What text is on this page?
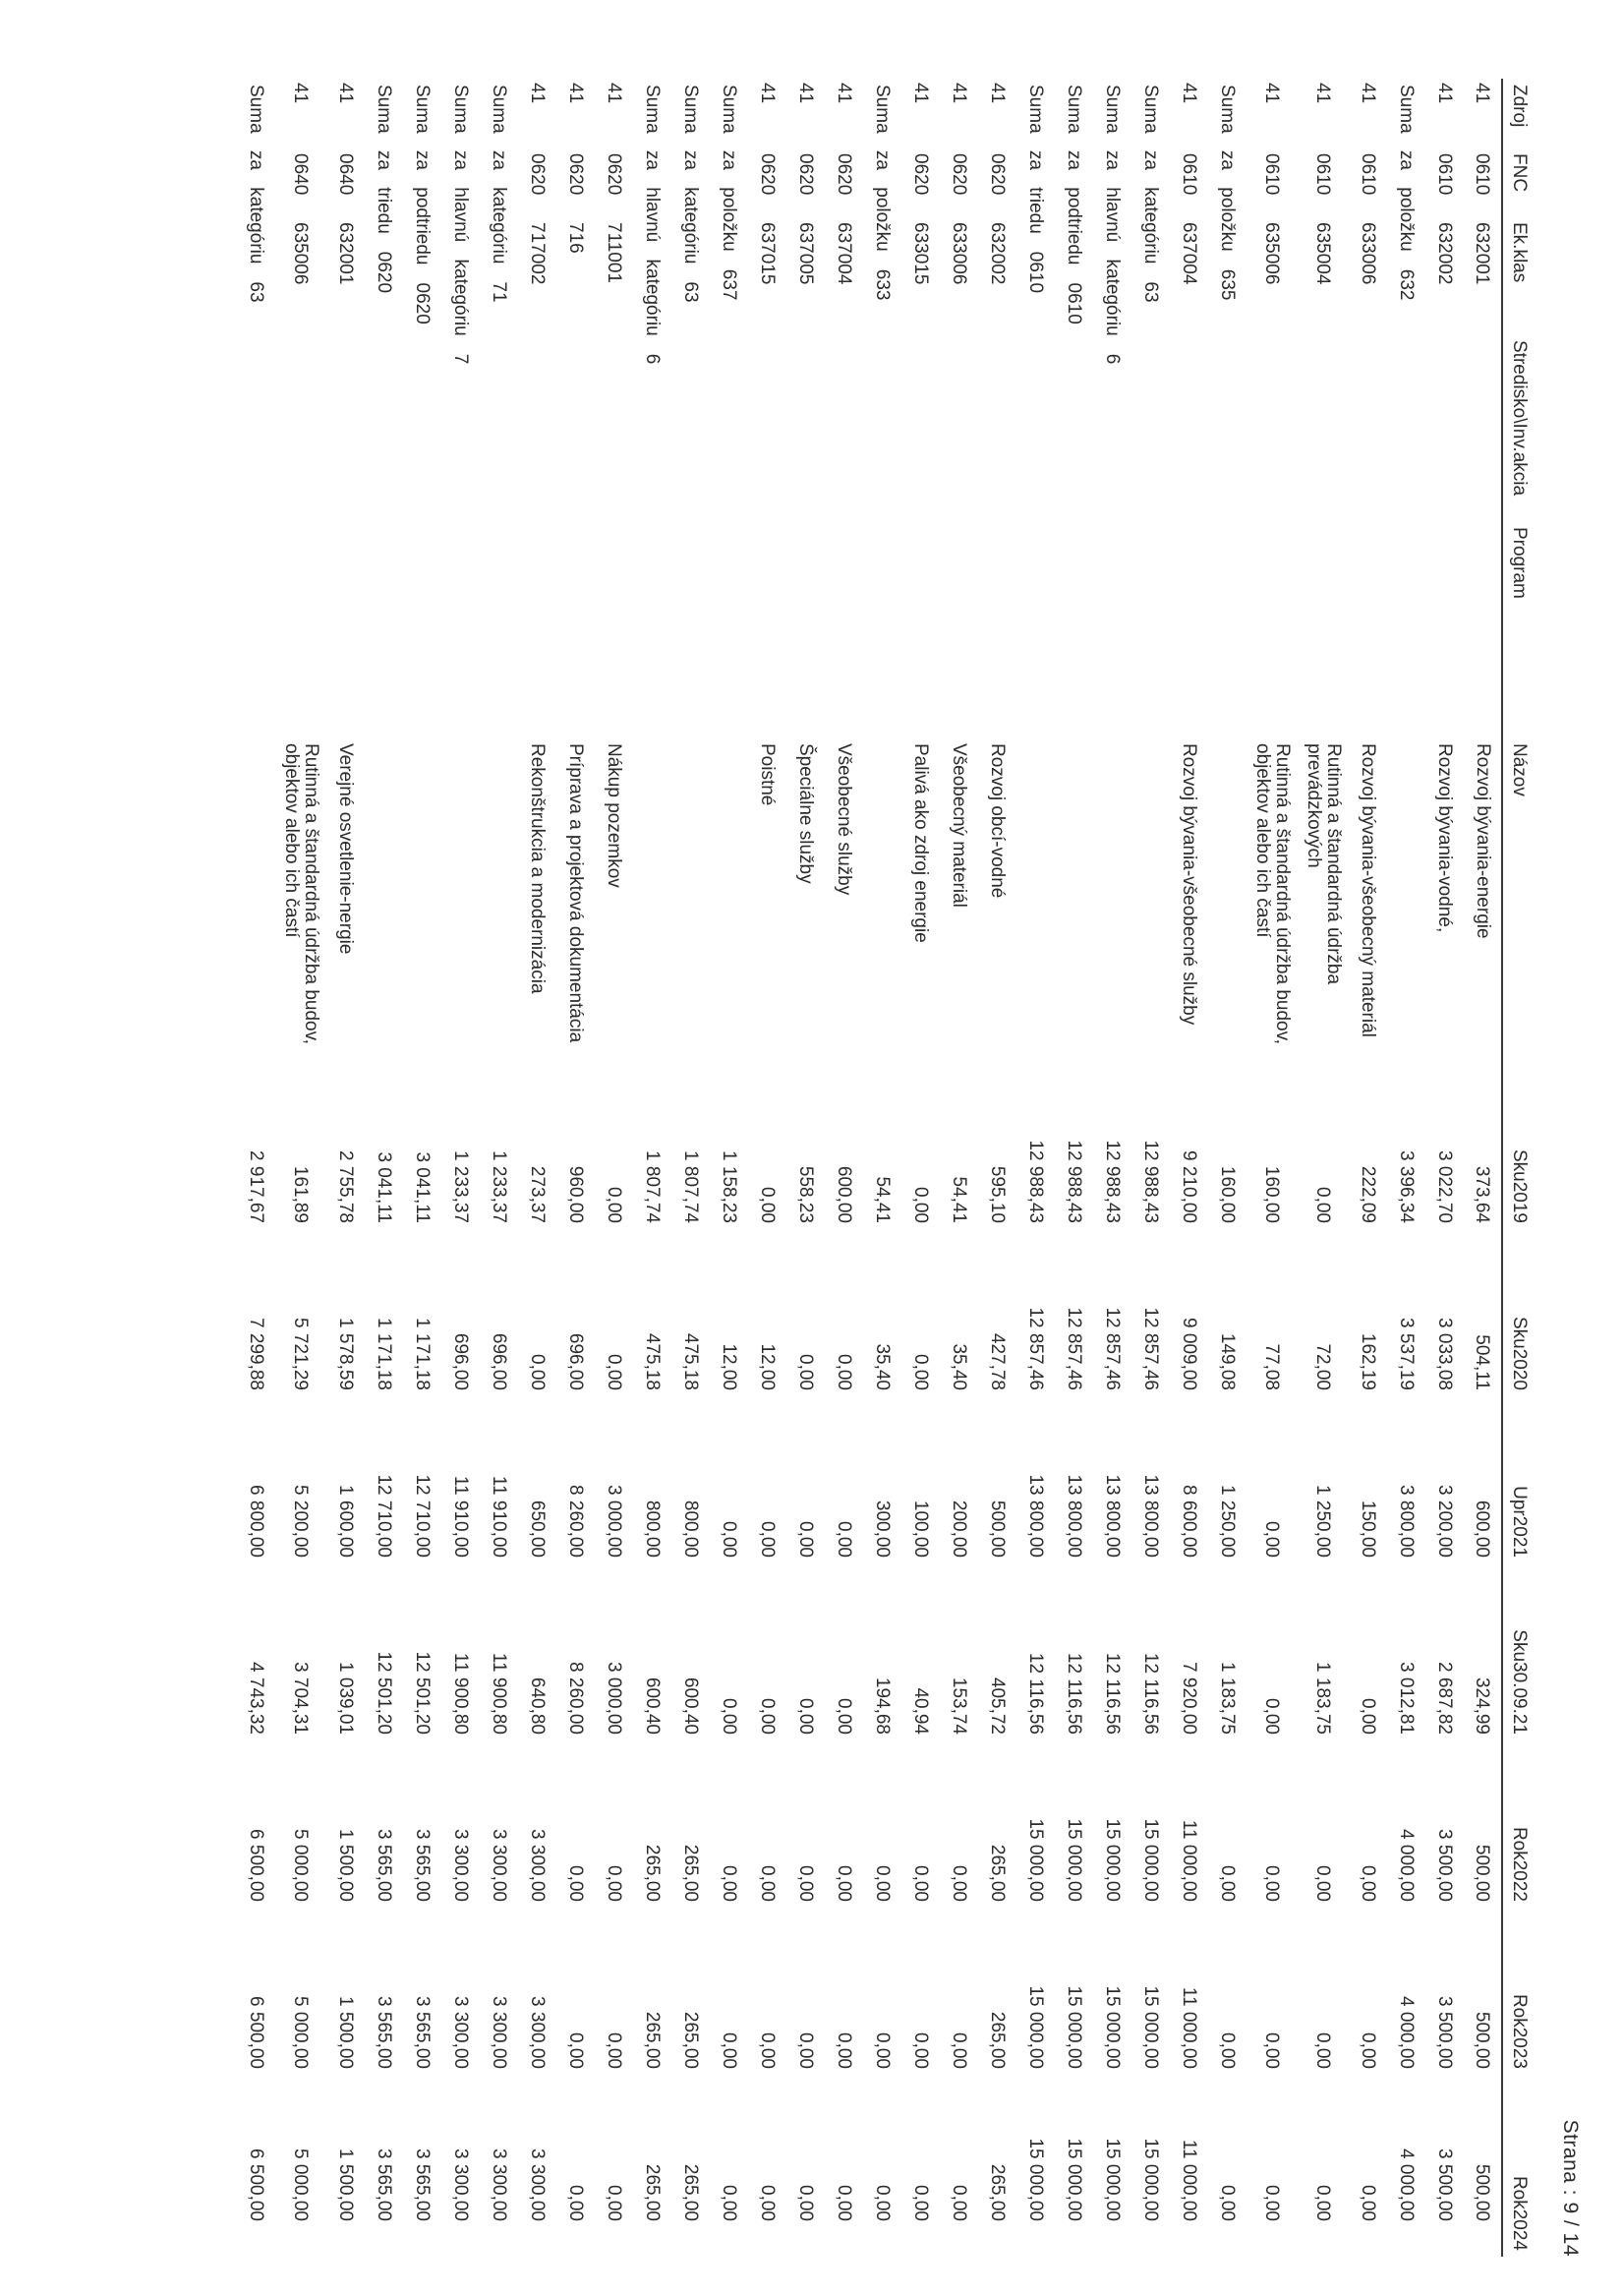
Strana : 9 / 14
Zdroj	FNC	Ek.klas	Stredisko\Inv.akcia	Program	Názov	Sku2019	Sku2020	Upr2021	Sku30.09.21	Rok2022	Rok2023	Rok2024
41	0610	632001			Rozvoj bývania-energie	373,64	504,11	600,00	324,99	500,00	500,00	500,00
41	0610	632002			Rozvoj bývania-vodné,	3 022,70	3 033,08	3 200,00	2 687,82	3 500,00	3 500,00	3 500,00
Suma za položku632						3 396,34	3 537,19	3 800,00	3 012,81	4 000,00	4 000,00	4 000,00
41	0610	633006			Rozvoj bývania-všeobecný materiál	222,09	162,19	150,00	0,00	0,00	0,00	0,00
41	0610	635004			Rutinná a štandardná údržba prevádzkových	0,00	72,00	1 250,00	1 183,75	0,00	0,00	0,00
41	0610	635006			Rutinná a štandardná údržba budov, objektov alebo ich častí	160,00	77,08	0,00	0,00	0,00	0,00	0,00
Suma za položku635						160,00	149,08	1 250,00	1 183,75	0,00	0,00	0,00
41	0610	637004			Rozvoj bývania-všeobecné služby	9 210,00	9 009,00	8 600,00	7 920,00	11 000,00	11 000,00	11 000,00
Suma za kategóriu63						12 988,43	12 857,46	13 800,00	12 116,56	15 000,00	15 000,00	15 000,00
Suma za hlavnú kategóriu6						12 988,43	12 857,46	13 800,00	12 116,56	15 000,00	15 000,00	15 000,00
Suma za podtriedu0610						12 988,43	12 857,46	13 800,00	12 116,56	15 000,00	15 000,00	15 000,00
Suma za triedu0610						12 988,43	12 857,46	13 800,00	12 116,56	15 000,00	15 000,00	15 000,00
41	0620	632002			Rozvoj obcí-vodné	595,10	427,78	500,00	405,72	265,00	265,00	265,00
41	0620	633006			Všeobecný materiál	54,41	35,40	200,00	153,74	0,00	0,00	0,00
41	0620	633015			Palivá ako zdroj energie	0,00	0,00	100,00	40,94	0,00	0,00	0,00
Suma za položku633						54,41	35,40	300,00	194,68	0,00	0,00	0,00
41	0620	637004			Všeobecné služby	600,00	0,00	0,00	0,00	0,00	0,00	0,00
41	0620	637005			Špeciálne služby	558,23	0,00	0,00	0,00	0,00	0,00	0,00
41	0620	637015			Poistné	0,00	12,00	0,00	0,00	0,00	0,00	0,00
Suma za položku637						1 158,23	12,00	0,00	0,00	0,00	0,00	0,00
Suma za kategóriu63						1 807,74	475,18	800,00	600,40	265,00	265,00	265,00
Suma za hlavnú kategóriu6						1 807,74	475,18	800,00	600,40	265,00	265,00	265,00
41	0620	711001			Nákup pozemkov	0,00	0,00	3 000,00	3 000,00	0,00	0,00	0,00
41	0620	716			Príprava a projektová dokumentácia	960,00	696,00	8 260,00	8 260,00	0,00	0,00	0,00
41	0620	717002			Rekonštrukcia a modernizácia	273,37	0,00	650,00	640,80	3 300,00	3 300,00	3 300,00
Suma za kategóriu71						1 233,37	696,00	11 910,00	11 900,80	3 300,00	3 300,00	3 300,00
Suma za hlavnú kategóriu7						1 233,37	696,00	11 910,00	11 900,80	3 300,00	3 300,00	3 300,00
Suma za podtriedu0620						3 041,11	1 171,18	12 710,00	12 501,20	3 565,00	3 565,00	3 565,00
Suma za triedu0620						3 041,11	1 171,18	12 710,00	12 501,20	3 565,00	3 565,00	3 565,00
41	0640	632001			Verejné osvetlenie-nergie	2 755,78	1 578,59	1 600,00	1 039,01	1 500,00	1 500,00	1 500,00
41	0640	635006			Rutinná a štandardná údržba budov, objektov alebo ich častí	161,89	5 721,29	5 200,00	3 704,31	5 000,00	5 000,00	5 000,00
Suma za kategóriu63						2 917,67	7 299,88	6 800,00	4 743,32	6 500,00	6 500,00	6 500,00
